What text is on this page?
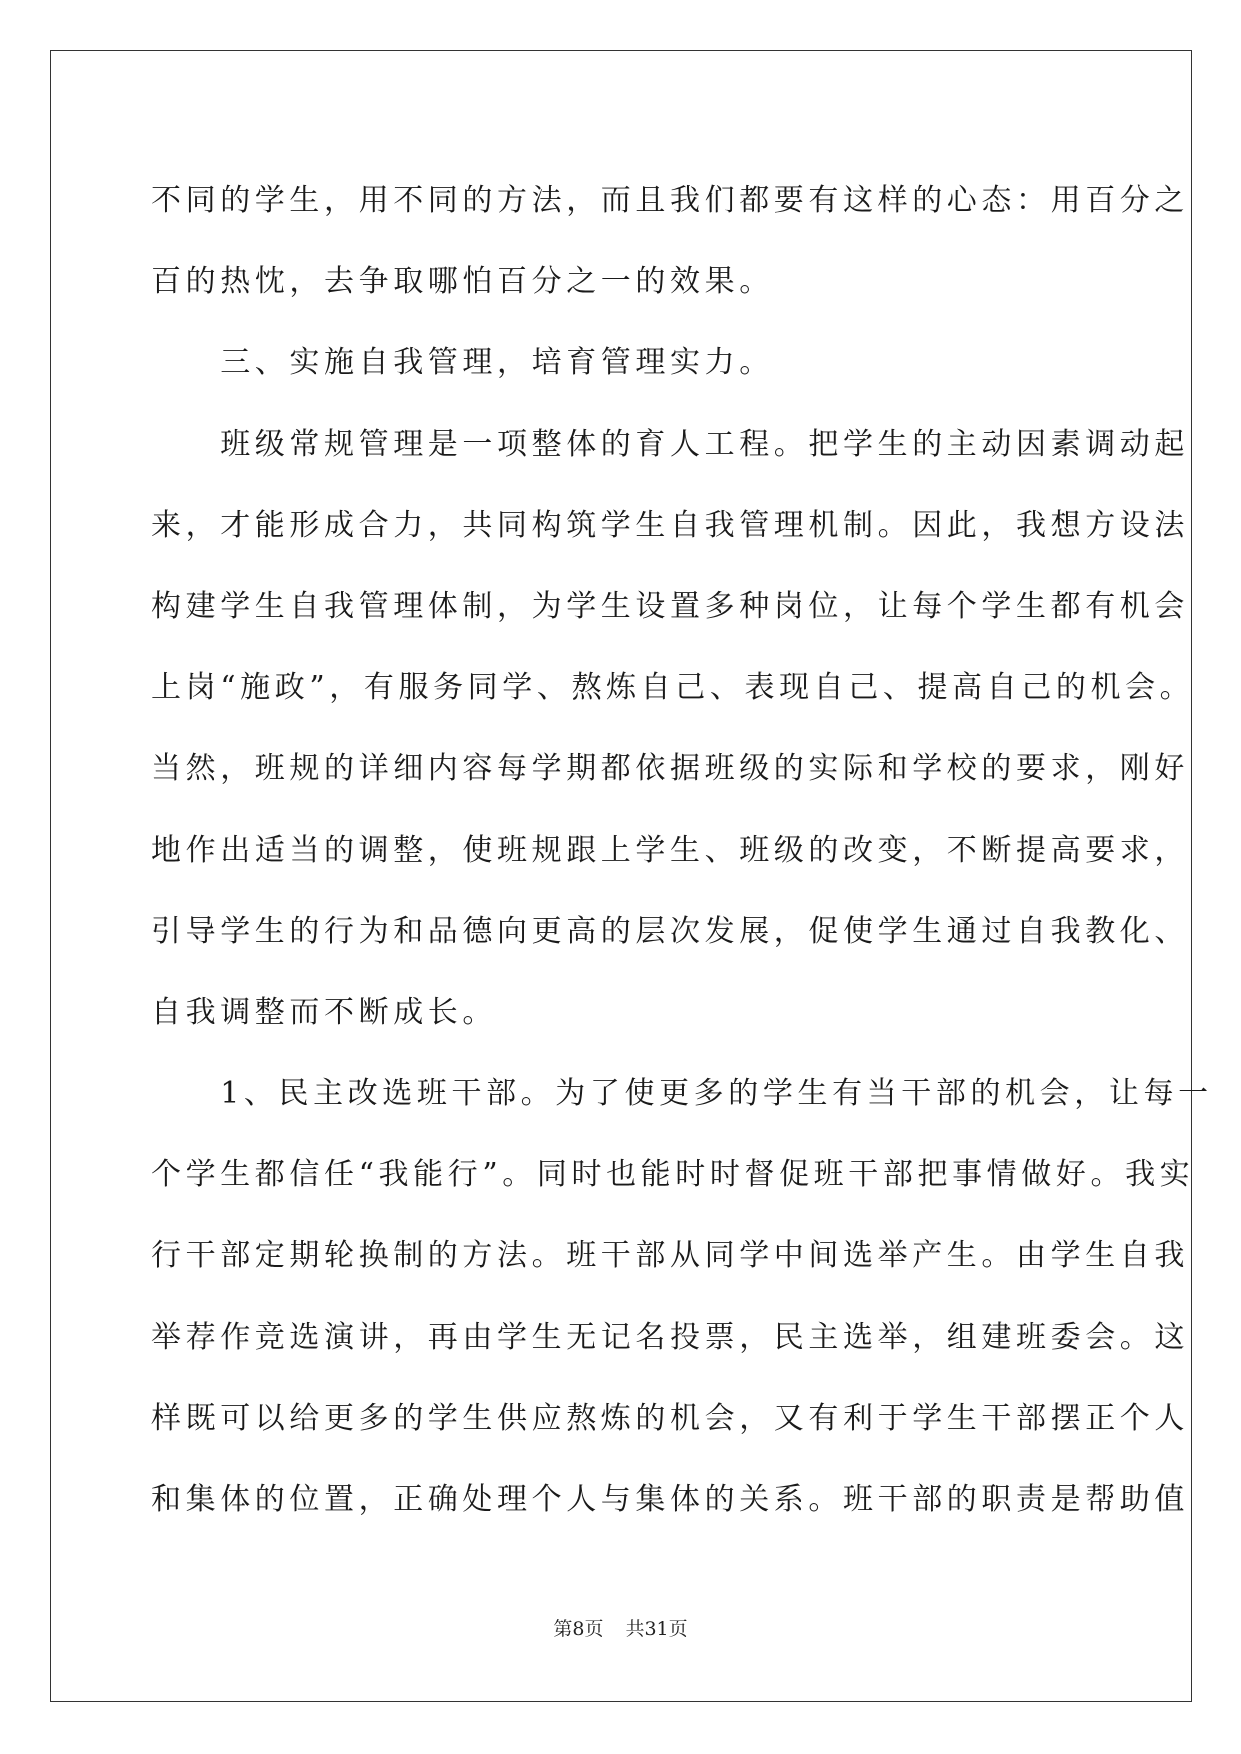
不同的学生，用不同的方法，而且我们都要有这样的心态：用百分之
百的热忱，去争取哪怕百分之一的效果。
　　三、实施自我管理，培育管理实力。
　　班级常规管理是一项整体的育人工程。把学生的主动因素调动起
来，才能形成合力，共同构筑学生自我管理机制。因此，我想方设法
构建学生自我管理体制，为学生设置多种岗位，让每个学生都有机会
上岗“施政”，有服务同学、熬炼自己、表现自己、提高自己的机会。
当然，班规的详细内容每学期都依据班级的实际和学校的要求，刚好
地作出适当的调整，使班规跟上学生、班级的改变，不断提高要求，
引导学生的行为和品德向更高的层次发展，促使学生通过自我教化、
自我调整而不断成长。
　　1、民主改选班干部。为了使更多的学生有当干部的机会，让每一
个学生都信任“我能行”。同时也能时时督促班干部把事情做好。我实
行干部定期轮换制的方法。班干部从同学中间选举产生。由学生自我
举荐作竞选演讲，再由学生无记名投票，民主选举，组建班委会。这
样既可以给更多的学生供应熬炼的机会，又有利于学生干部摆正个人
和集体的位置，正确处理个人与集体的关系。班干部的职责是帮助值
第8页 共31页
